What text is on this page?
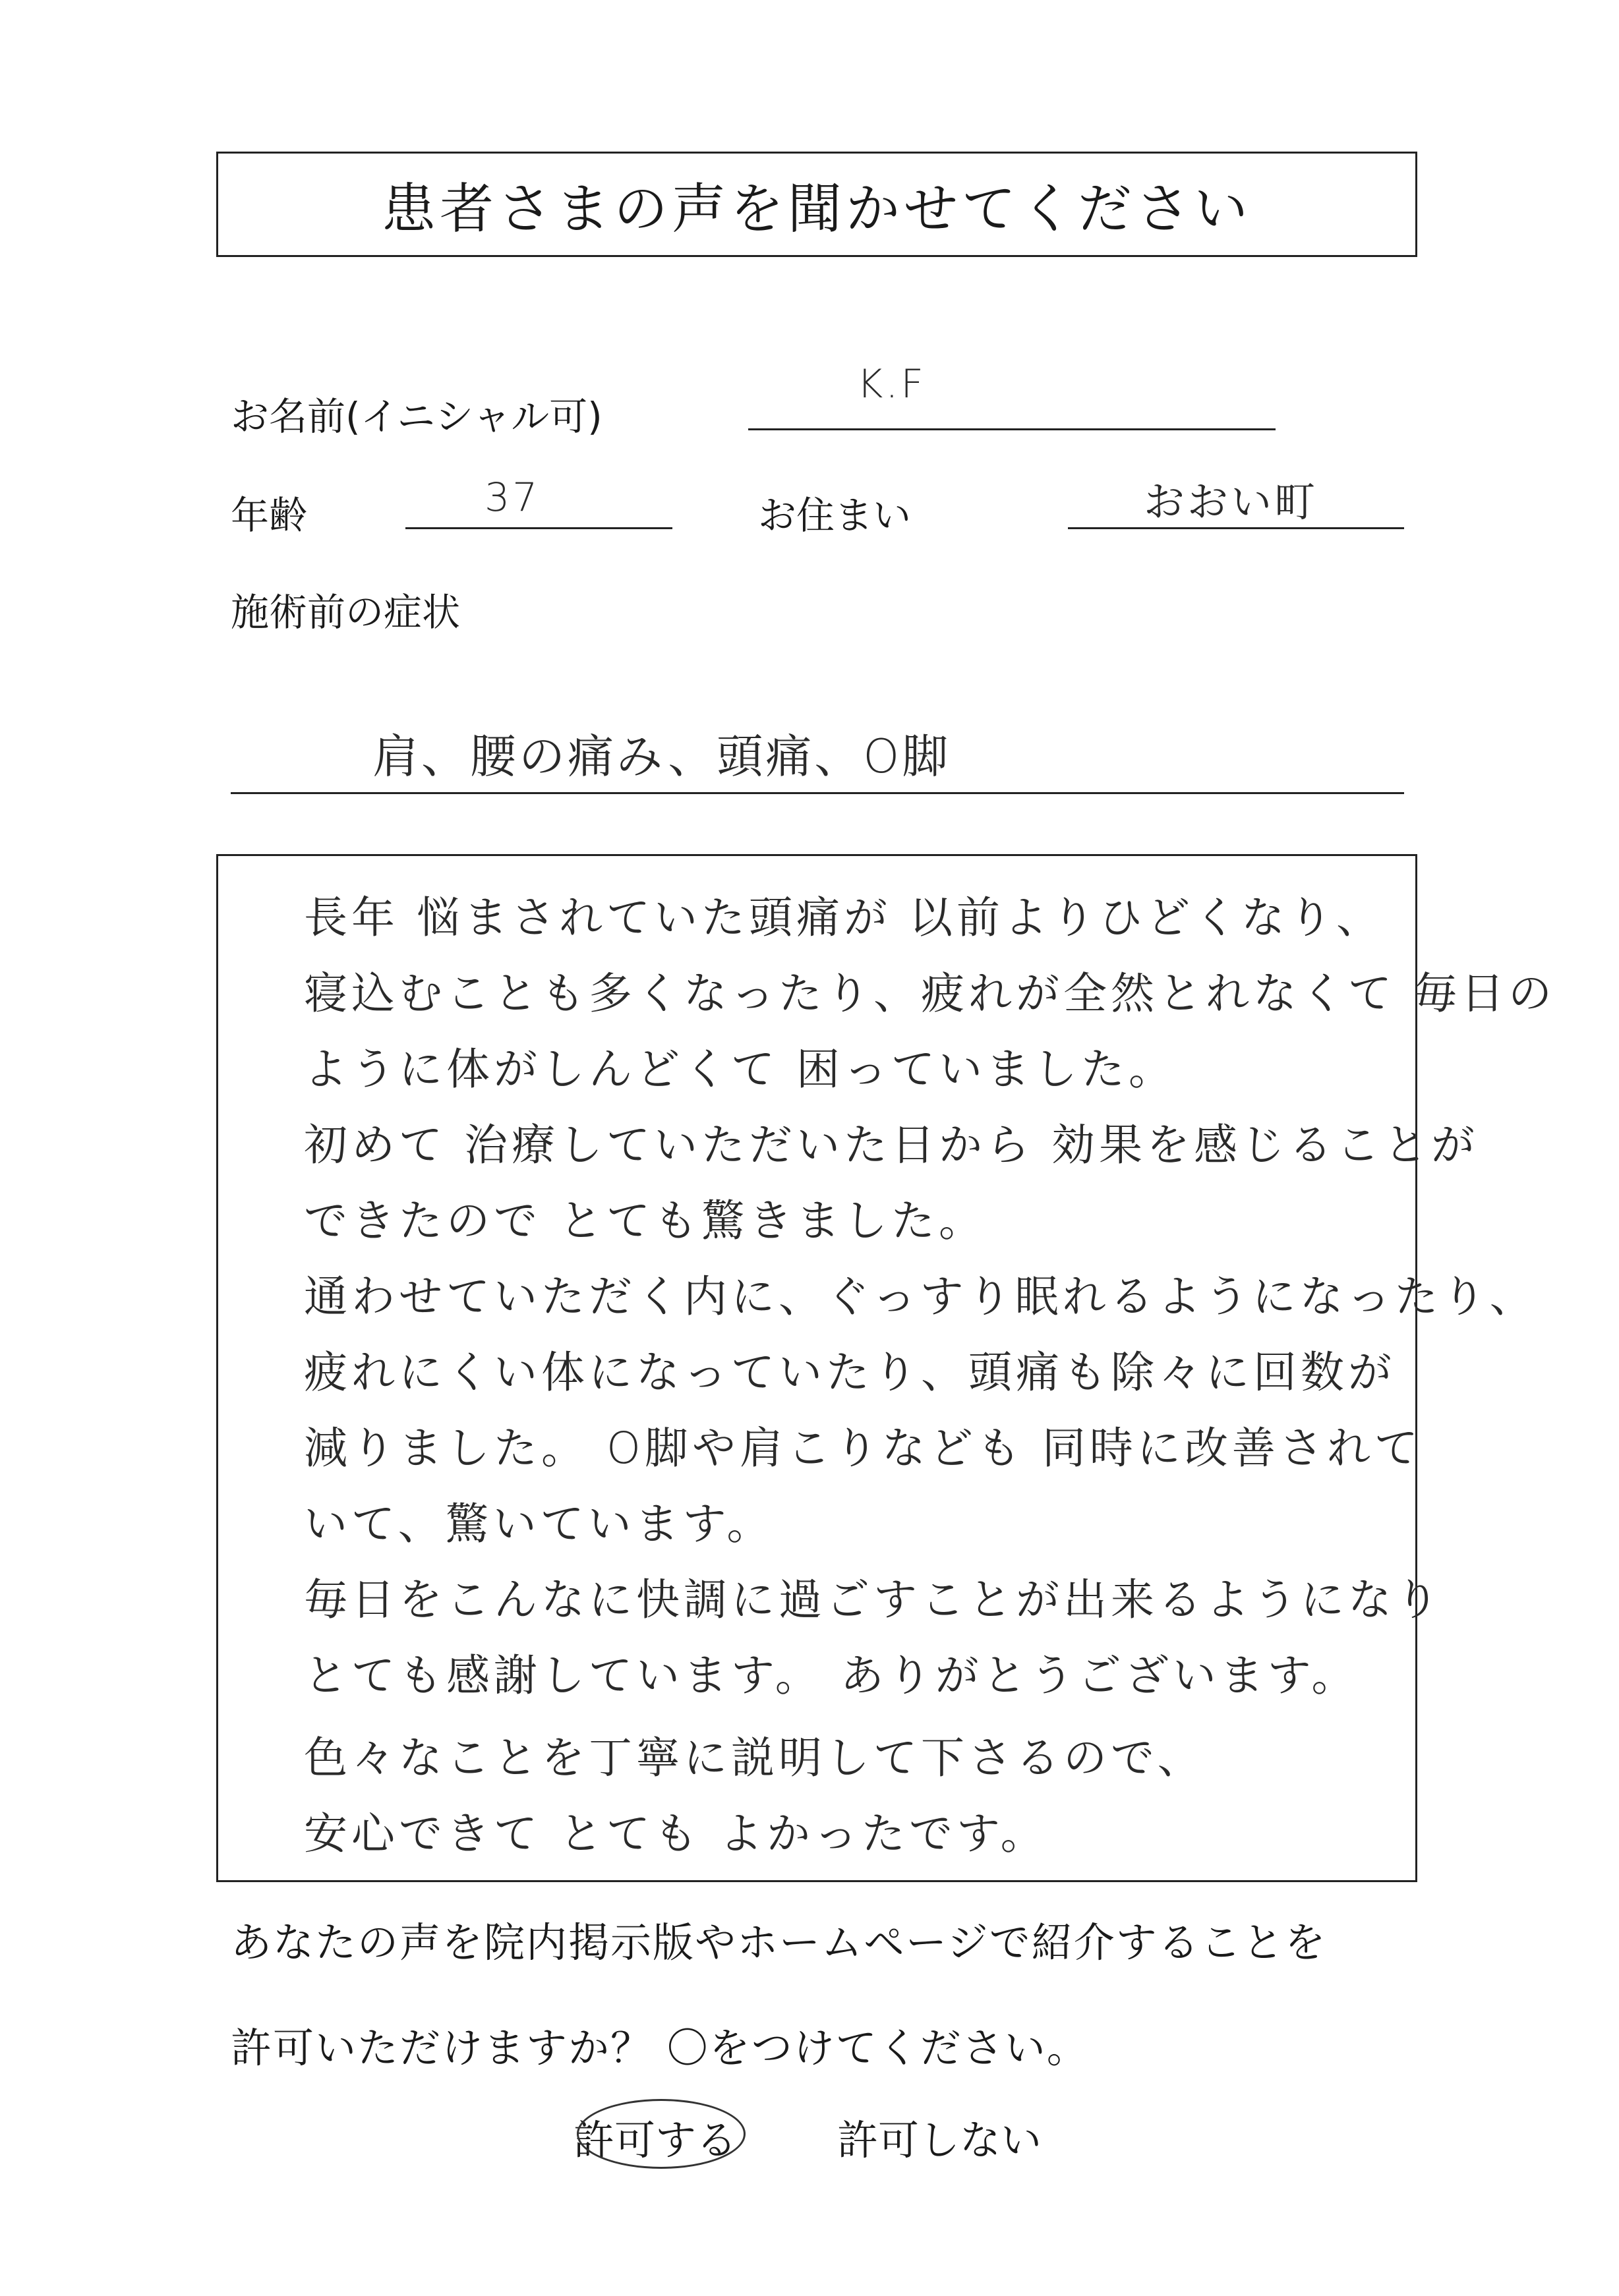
患者さまの声を聞かせてください
お名前(イニシャル可)
K.F
年齢	37	お住まい	おおい町
施術前の症状
肩、腰の痛み、頭痛、O脚
長年 悩まされていた頭痛が 以前よりひどくなり、
寝込むことも多くなったり、疲れが全然とれなくて 毎日の
ように体がしんどくて 困っていました。
初めて 治療していただいた日から 効果を感じることが
できたので とても驚きました。
通わせていただく内に、ぐっすり眠れるようになったり、
疲れにくい体になっていたり、頭痛も除々に回数が
減りました。 O脚や肩こりなども 同時に改善されて
いて、驚いています。
毎日をこんなに快調に過ごすことが出来るようになり
とても感謝しています。 ありがとうございます。
色々なことを丁寧に説明して下さるので、
安心できて とても よかったです。
あなたの声を院内掲示版やホームページで紹介することを
許可いただけますか？ 〇をつけてください。
許可する 許可しない
